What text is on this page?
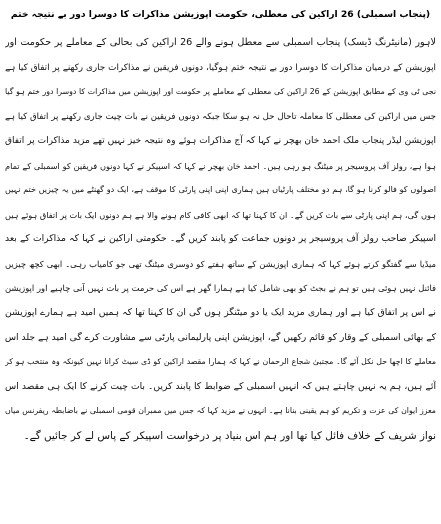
(پنجاب اسمبلی) 26 اراکین کی معطلی، حکومت اپوزیشن مذاکرات کا دوسرا دور بے نتیجہ ختم
لاہور (مانیٹرنگ ڈیسک) پنجاب اسمبلی سے معطل ہونے والے 26 اراکین کی بحالی کے معاملے پر حکومت اور
اپوزیشن کے درمیان مذاکرات کا دوسرا دور بے نتیجہ ختم ہوگیا، دونوں فریقین نے مذاکرات جاری رکھنے پر اتفاق کیا ہے
نجی ٹی وی کے مطابق اپوزیشن کے 26 اراکین کی معطلی کے معاملے پر حکومت اور اپوزیشن میں مذاکرات کا دوسرا دور ختم ہو گیا
جس میں اراکین کی معطلی کا معاملہ تاحال حل نہ ہو سکا جبکہ دونوں فریقین نے بات چیت جاری رکھنے پر اتفاق کیا ہے
اپوزیشن لیڈر پنجاب ملک احمد خان بھچر نے کہا کہ آج مذاکرات ہوئے وہ نتیجہ خیز نہیں تھے مزید مذاکرات پر اتفاق
ہوا ہے، رولز آف پروسیجر پر میٹنگ ہو رہی ہیں۔ احمد خان بھچر نے کہا کہ اسپیکر نے کہا دونوں فریقین کو اسمبلی کے تمام
اصولوں کو فالو کرنا ہو گا، ہم دو مختلف پارٹیاں ہیں ہماری اپنی اپنی پارٹی کا موقف ہے، ایک دو گھنٹے میں یہ چیزیں ختم نہیں
ہوں گی، ہم اپنی پارٹی سے بات کریں گے۔ ان کا کہنا تھا کہ ابھی کافی کام ہونے والا ہے ہم دونوں ایک بات پر اتفاق ہوئے ہیں
اسپیکر صاحب رولز آف پروسیجر پر دونوں جماعت کو پابند کریں گے۔ حکومتی اراکین نے کہا کہ مذاکرات کے بعد
میڈیا سے گفتگو کرتے ہوئے کہا کہ ہماری اپوزیشن کے ساتھ ہفتے کو دوسری میٹنگ تھی جو کامیاب رہی۔ ابھی کچھ چیزیں
فائنل نہیں ہوئی ہیں تو ہم نے بجٹ کو بھی شامل کیا ہے ہمارا گھر ہے اس کی حرمت پر بات نہیں آنی چاہیے اور اپوزیشن
نے اس پر اتفاق کیا ہے اور ہماری مزید ایک یا دو میٹنگز ہوں گی ان کا کہنا تھا کہ ہمیں امید ہے ہمارے اپوزیشن
کے بھائی اسمبلی کے وقار کو قائم رکھیں گے، اپوزیشن اپنی پارلیمانی پارٹی سے مشاورت کرے گی امید ہے جلد اس
معاملے کا اچھا حل نکل آئے گا۔ مجتبیٰ شجاع الرحمان نے کہا کہ ہمارا مقصد اراکین کو ڈی سیٹ کرانا نہیں کیونکہ وہ منتخب ہو کر
آئے ہیں، ہم یہ نہیں چاہتے ہیں کہ انہیں اسمبلی کے ضوابط کا پابند کریں۔ بات چیت کرنے کا ایک ہی مقصد اس
معزز ایوان کی عزت و تکریم کو ہم یقینی بنانا ہے۔ انہوں نے مزید کہا کہ جس میں ممبران قومی اسمبلی نے باضابطہ ریفرنس میاں
نواز شریف کے خلاف فائل کیا تھا اور ہم اس بنیاد پر درخواست اسپیکر کے پاس لے کر جائیں گے۔
